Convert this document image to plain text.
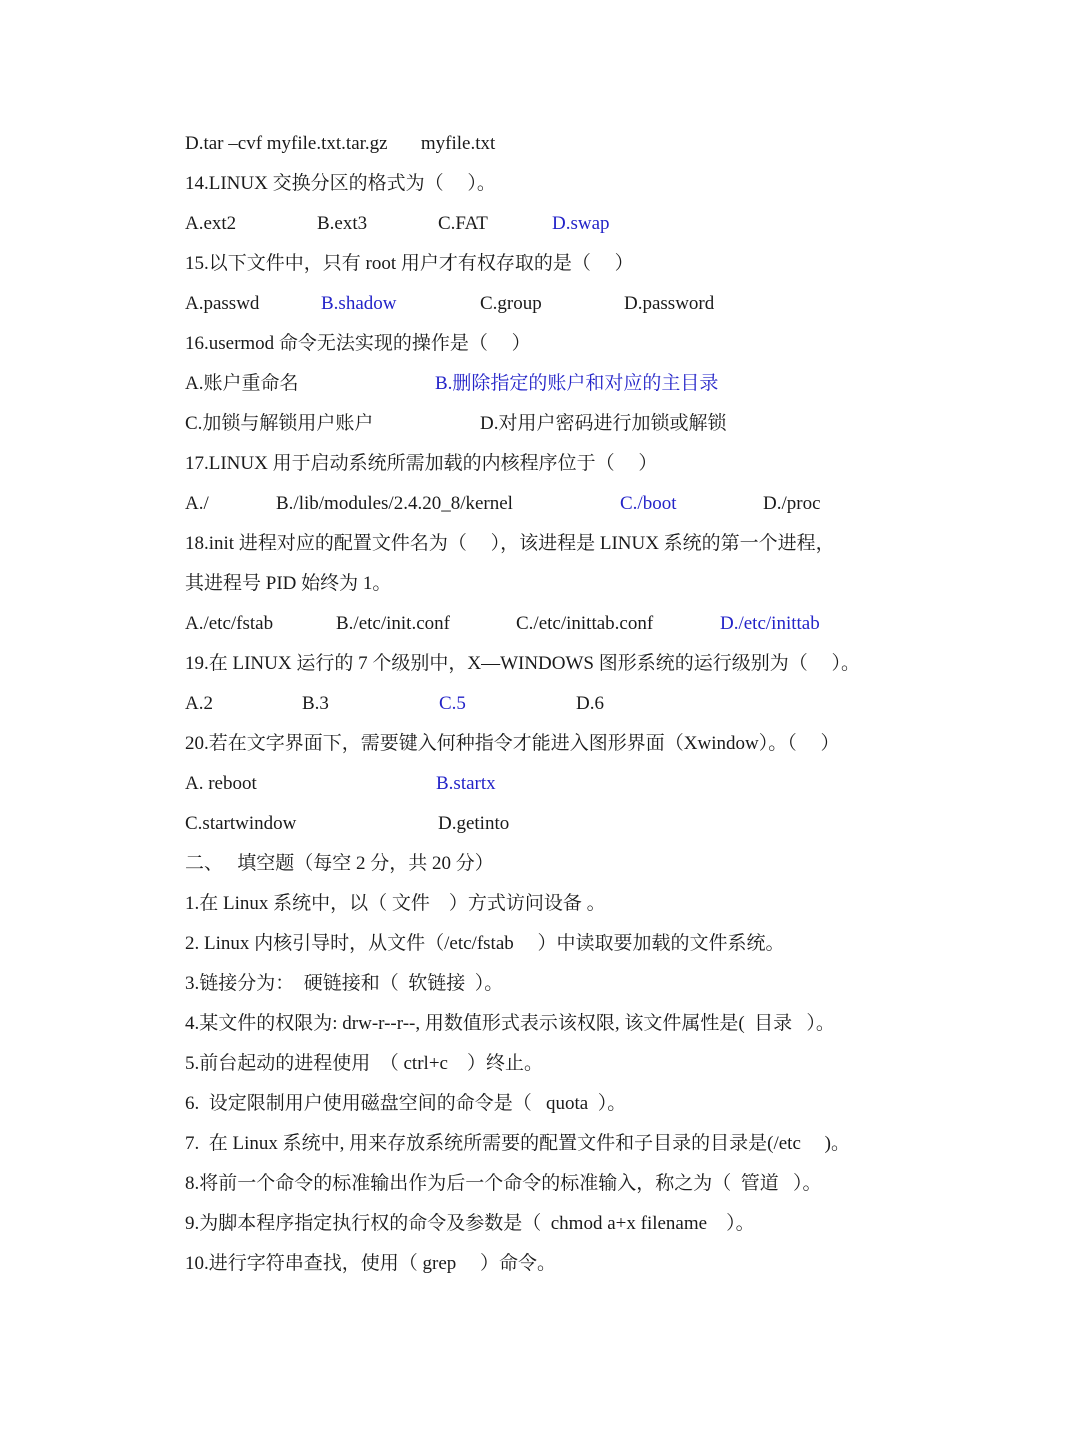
D.tar –cvf myfile.txt.tar.gz       myfile.txt
14.LINUX 交换分区的格式为（     ）。

A.ext2

	B.ext3

	C.FAT

	D.swap

15.以下文件中，只有 root 用户才有权存取的是（     ）

A.passwd

	B.shadow

	C.group

	D.password

16.usermod 命令无法实现的操作是（     ）

A.账户重命名

	B.删除指定的账户和对应的主目录

C.加锁与解锁用户账户

	D.对用户密码进行加锁或解锁

17.LINUX 用于启动系统所需加载的内核程序位于（     ）

A./

	B./lib/modules/2.4.20_8/kernel

	C./boot

	D./proc

18.init 进程对应的配置文件名为（     ），该进程是 LINUX 系统的第一个进程，
其进程号 PID 始终为 1。

A./etc/fstab

	B./etc/init.conf

	C./etc/inittab.conf

	D./etc/inittab

19.在 LINUX 运行的 7 个级别中，X—WINDOWS 图形系统的运行级别为（     ）。

A.2

	B.3

	C.5

	D.6

20.若在文字界面下，需要键入何种指令才能进入图形界面（Xwindow）。（     ）

A. reboot

	B.startx

C.startwindow

	D.getinto

二、   填空题（每空 2 分，共 20 分）
1.在 Linux 系统中，以（ 文件    ）方式访问设备 。
2. Linux 内核引导时，从文件（/etc/fstab     ）中读取要加载的文件系统。
3.链接分为：  硬链接和（  软链接  ）。
4.某文件的权限为: drw-r--r--, 用数值形式表示该权限, 该文件属性是(  目录   ）。
5.前台起动的进程使用  （ ctrl+c    ）终止。
6.  设定限制用户使用磁盘空间的命令是（   quota  ）。
7.  在 Linux 系统中, 用来存放系统所需要的配置文件和子目录的目录是(/etc     )。
8.将前一个命令的标准输出作为后一个命令的标准输入，称之为（  管道   ）。
9.为脚本程序指定执行权的命令及参数是（  chmod a+x filename    ）。
10.进行字符串查找，使用（ grep     ）命令。
